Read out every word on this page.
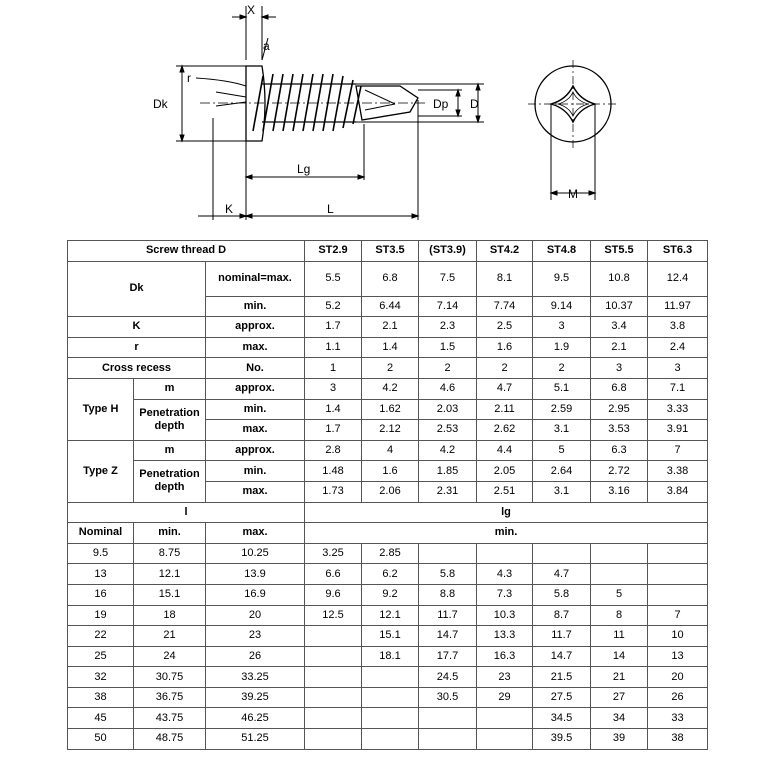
X
Dk
r
a
Lg
K	L
Dp D
M
Screw thread D			ST2.9	ST3.5	(ST3.9)	ST4.2	ST4.8	ST5.5	ST6.3
Dk		nominal=max.	5.5	6.8	7.5	8.1	9.5	10.8	12.4
		min.	5.2	6.44	7.14	7.74	9.14	10.37	11.97
K		approx.	1.7	2.1	2.3	2.5	3	3.4	3.8
r		max.	1.1	1.4	1.5	1.6	1.9	2.1	2.4
Cross recess		No.	1	2	2	2	2	3	3
Type H	m	approx.	3	4.2	4.6	4.7	5.1	6.8	7.1
	Penetration depth	min.	1.4	1.62	2.03	2.11	2.59	2.95	3.33
		max.	1.7	2.12	2.53	2.62	3.1	3.53	3.91
Type Z	m	approx.	2.8	4	4.2	4.4	5	6.3	7
	Penetration depth	min.	1.48	1.6	1.85	2.05	2.64	2.72	3.38
		max.	1.73	2.06	2.31	2.51	3.1	3.16	3.84
l			lg						
Nominal	min.	max.	min.						
9.5	8.75	10.25	3.25	2.85					
13	12.1	13.9	6.6	6.2	5.8	4.3	4.7		
16	15.1	16.9	9.6	9.2	8.8	7.3	5.8	5	
19	18	20	12.5	12.1	11.7	10.3	8.7	8	7
22	21	23		15.1	14.7	13.3	11.7	11	10
25	24	26		18.1	17.7	16.3	14.7	14	13
32	30.75	33.25			24.5	23	21.5	21	20
38	36.75	39.25			30.5	29	27.5	27	26
45	43.75	46.25					34.5	34	33
50	48.75	51.25					39.5	39	38
